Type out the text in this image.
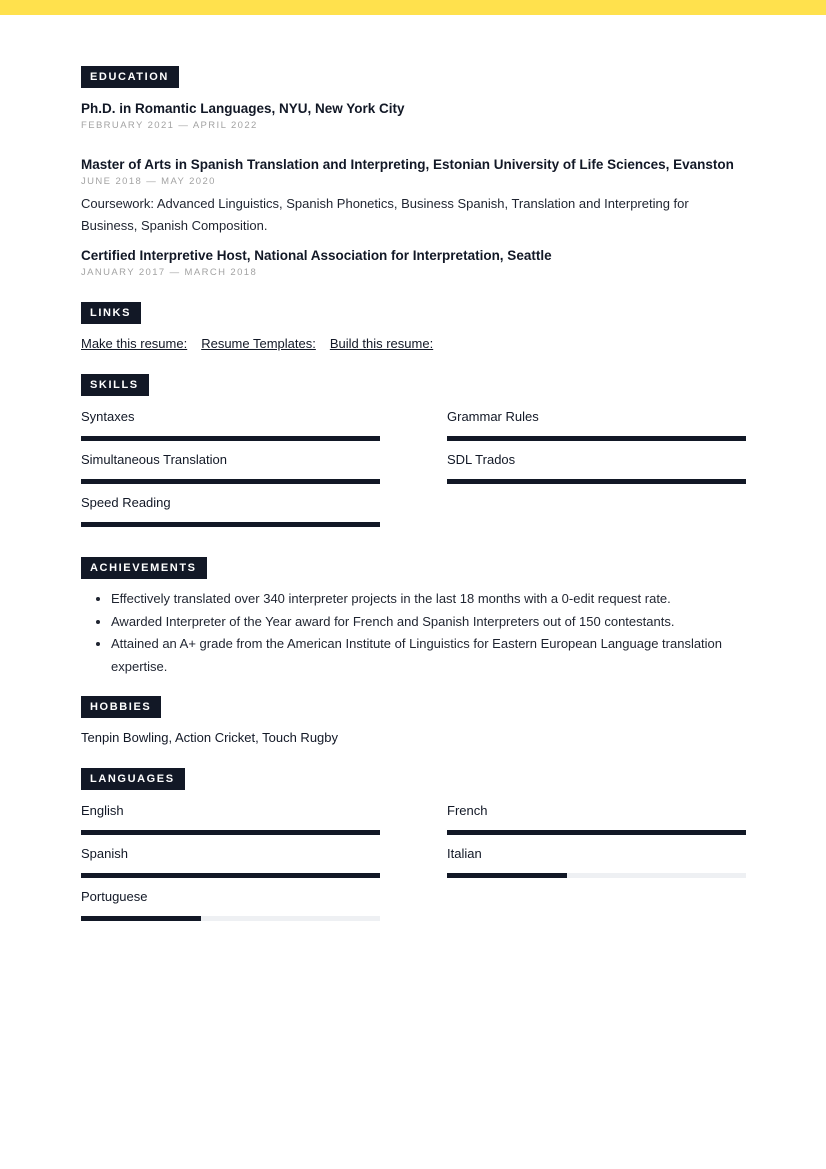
EDUCATION
Ph.D. in Romantic Languages, NYU, New York City
FEBRUARY 2021 — APRIL 2022
Master of Arts in Spanish Translation and Interpreting, Estonian University of Life Sciences, Evanston
JUNE 2018 — MAY 2020
Coursework: Advanced Linguistics, Spanish Phonetics, Business Spanish, Translation and Interpreting for Business, Spanish Composition.
Certified Interpretive Host, National Association for Interpretation, Seattle
JANUARY 2017 — MARCH 2018
LINKS
Make this resume: Resume Templates: Build this resume:
SKILLS
Syntaxes	Grammar Rules
Simultaneous Translation	SDL Trados
Speed Reading
ACHIEVEMENTS
• Effectively translated over 340 interpreter projects in the last 18 months with a 0-edit request rate.
• Awarded Interpreter of the Year award for French and Spanish Interpreters out of 150 contestants.
• Attained an A+ grade from the American Institute of Linguistics for Eastern European Language translation expertise.
HOBBIES
Tenpin Bowling, Action Cricket, Touch Rugby
LANGUAGES
English	French
Spanish	Italian
Portuguese
